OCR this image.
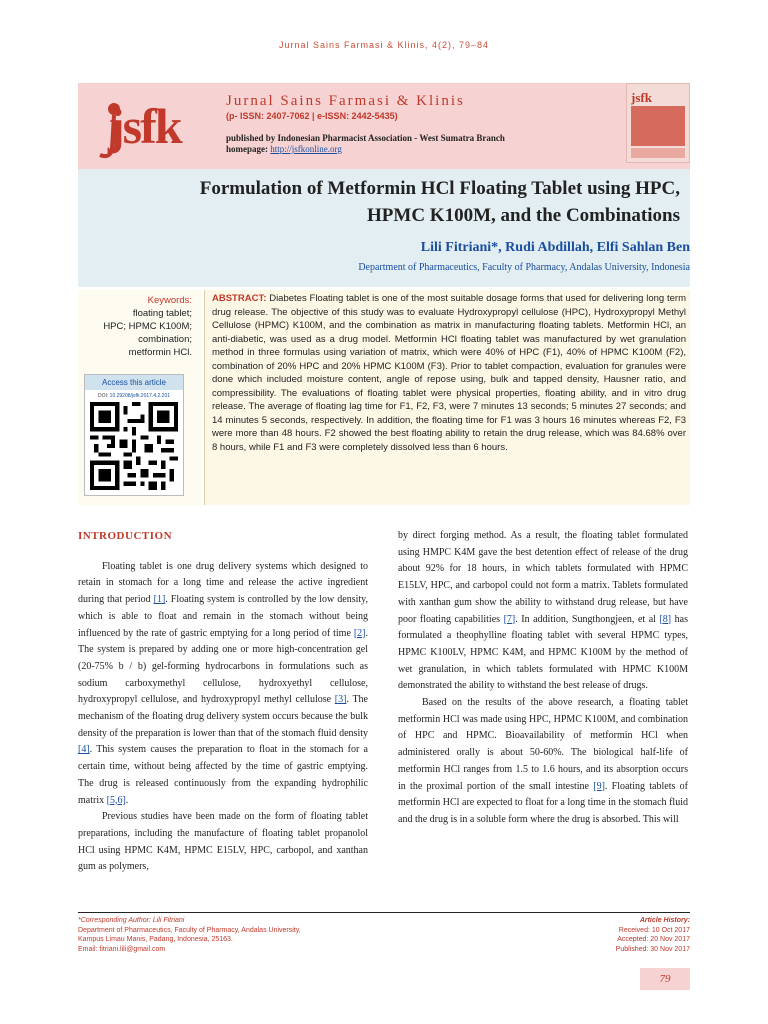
Jurnal Sains Farmasi & Klinis, 4(2), 79–84
jsfk	Jurnal Sains Farmasi & Klinis
(p- ISSN: 2407-7062 | e-ISSN: 2442-5435)
published by Indonesian Pharmacist Association - West Sumatra Branch
homepage: http://jsfkonline.org
jsfk
Formulation of Metformin HCl Floating Tablet using HPC,
HPMC K100M, and the Combinations
Lili Fitriani*, Rudi Abdillah, Elfi Sahlan Ben
Department of Pharmaceutics, Faculty of Pharmacy, Andalas University, Indonesia
Keywords:
floating tablet;
HPC; HPMC K100M;
combination;
metformin HCl.
Access this article
DOI: 10.29208/jsfk.2017.4.2.201
ABSTRACT: Diabetes Floating tablet is one of the most suitable dosage forms that used for delivering long term drug release. The objective of this study was to evaluate Hydroxypropyl cellulose (HPC), Hydroxypropyl Methyl Cellulose (HPMC) K100M, and the combination as matrix in manufacturing floating tablets. Metformin HCl, an anti-diabetic, was used as a drug model. Metformin HCl floating tablet was manufactured by wet granulation method in three formulas using variation of matrix, which were 40% of HPC (F1), 40% of HPMC K100M (F2), combination of 20% HPC and 20% HPMC K100M (F3). Prior to tablet compaction, evaluation for granules were done which included moisture content, angle of repose using, bulk and tapped density, Hausner ratio, and compressibility. The evaluations of floating tablet were physical properties, floating ability, and in vitro drug release. The average of floating lag time for F1, F2, F3, were 7 minutes 13 seconds; 5 minutes 27 seconds; and 14 minutes 5 seconds, respectively. In addition, the floating time for F1 was 3 hours 16 minutes whereas F2, F3 were more than 48 hours. F2 showed the best floating ability to retain the drug release, which was 84.68% over 8 hours, while F1 and F3 were completely dissolved less than 6 hours.
INTRODUCTION

Floating tablet is one drug delivery systems which designed to retain in stomach for a long time and release the active ingredient during that period [1]. Floating system is controlled by the low density, which is able to float and remain in the stomach without being influenced by the rate of gastric emptying for a long period of time [2]. The system is prepared by adding one or more high-concentration gel (20-75% b / b) gel-forming hydrocarbons in formulations such as sodium carboxymethyl cellulose, hydroxyethyl cellulose, hydroxypropyl cellulose, and hydroxypropyl methyl cellulose [3]. The mechanism of the floating drug delivery system occurs because the bulk density of the preparation is lower than that of the stomach fluid density [4]. This system causes the preparation to float in the stomach for a certain time, without being affected by the time of gastric emptying. The drug is released continuously from the expanding hydrophilic matrix [5,6].

Previous studies have been made on the form of floating tablet preparations, including the manufacture of floating tablet propanolol HCl using HPMC K4M, HPMC E15LV, HPC, carbopol, and xanthan gum as polymers,

by direct forging method. As a result, the floating tablet formulated using HMPC K4M gave the best detention effect of release of the drug about 92% for 18 hours, in which tablets formulated with HPMC E15LV, HPC, and carbopol could not form a matrix. Tablets formulated with xanthan gum show the ability to withstand drug release, but have poor floating capabilities [7]. In addition, Sungthongjeen, et al [8] has formulated a theophylline floating tablet with several HPMC types, HPMC K100LV, HPMC K4M, and HPMC K100M by the method of wet granulation, in which tablets formulated with HPMC K100M demonstrated the ability to withstand the best release of drugs.

Based on the results of the above research, a floating tablet metformin HCl was made using HPC, HPMC K100M, and combination of HPC and HPMC. Bioavailability of metformin HCl when administered orally is about 50-60%. The biological half-life of metformin HCl ranges from 1.5 to 1.6 hours, and its absorption occurs in the proximal portion of the small intestine [9]. Floating tablets of metformin HCl are expected to float for a long time in the stomach fluid and the drug is in a soluble form where the drug is absorbed. This will

*Corresponding Author: Lili Fitriani
Department of Pharmaceutics, Faculty of Pharmacy, Andalas University,
Kampus Limau Manis, Padang, Indonesia, 25163.
Email: fitriani.lili@gmail.com
Article History:
Received: 10 Oct 2017
Accepted: 20 Nov 2017
Published: 30 Nov 2017
79
